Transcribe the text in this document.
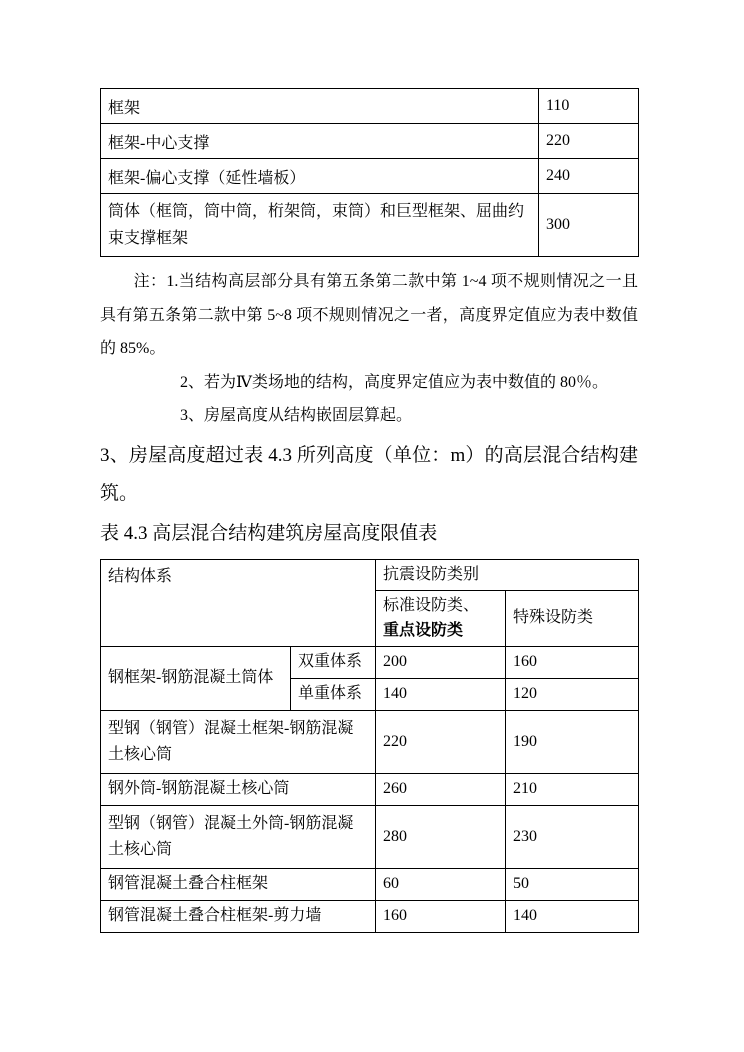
框架	110
框架-中心支撑	220
框架-偏心支撑（延性墙板）	240
筒体（框筒，筒中筒，桁架筒，束筒）和巨型框架、屈曲约束支撑框架	300

注：1.当结构高层部分具有第五条第二款中第 1~4 项不规则情况之一且具有第五条第二款中第 5~8 项不规则情况之一者，高度界定值应为表中数值的 85%。

2、若为Ⅳ类场地的结构，高度界定值应为表中数值的 80％。

3、房屋高度从结构嵌固层算起。

3、房屋高度超过表 4.3 所列高度（单位：m）的高层混合结构建筑。

表 4.3 高层混合结构建筑房屋高度限值表

结构体系		抗震设防类别	

		标准设防类、
重点设防类	特殊设防类
钢框架-钢筋混凝土筒体	双重体系	200	160
	单重体系	140	120
型钢（钢管）混凝土框架-钢筋混凝土核心筒		220	190
钢外筒-钢筋混凝土核心筒		260	210
型钢（钢管）混凝土外筒-钢筋混凝土核心筒		280	230
钢管混凝土叠合柱框架		60	50
钢管混凝土叠合柱框架-剪力墙		160	140
